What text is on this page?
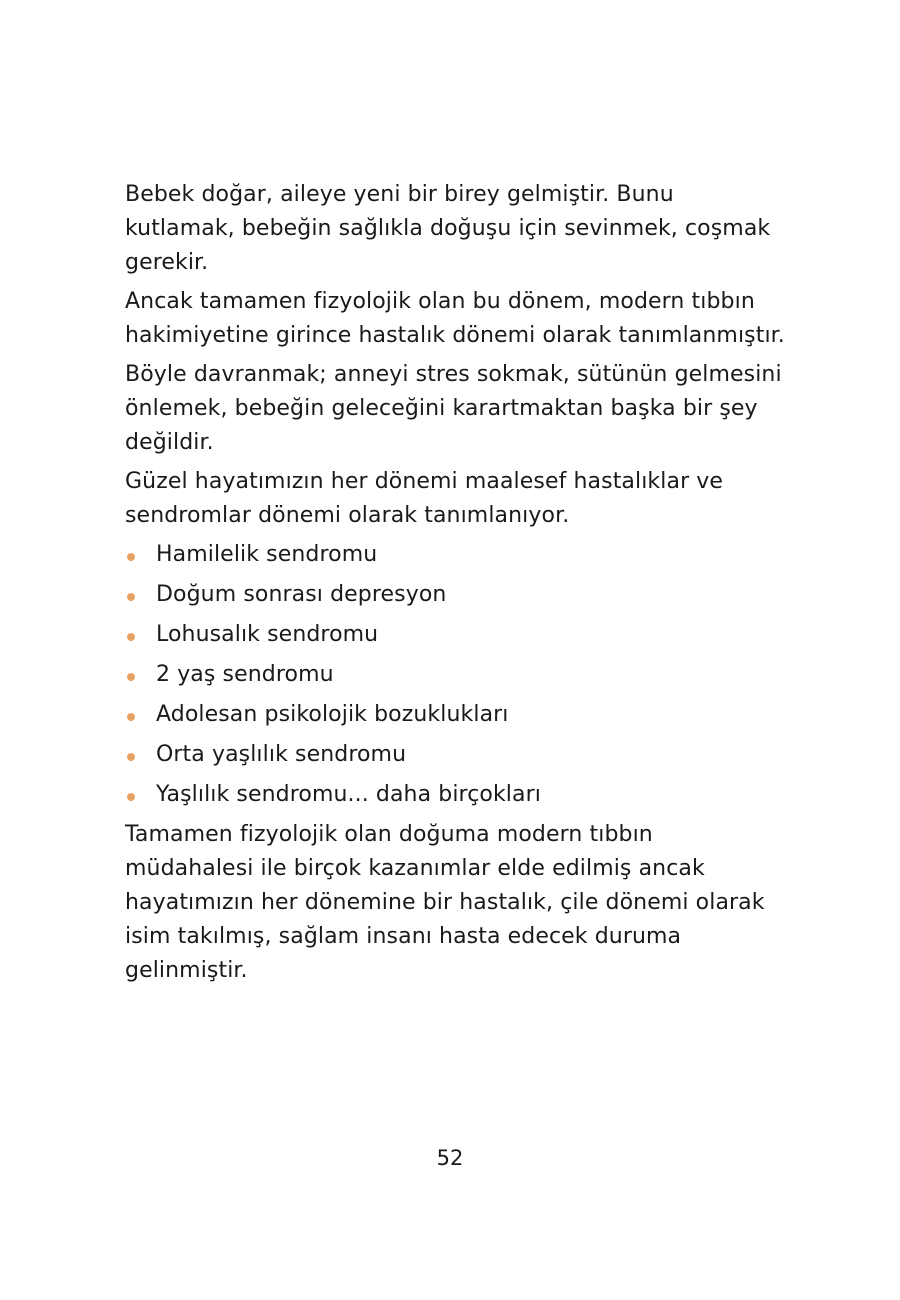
Bebek doğar, aileye yeni bir birey gelmiştir. Bunu kutlamak, bebeğin sağlıkla doğuşu için sevinmek, coşmak gerekir.

Ancak tamamen fizyolojik olan bu dönem, modern tıbbın hakimiyetine girince hastalık dönemi olarak tanımlanmıştır.

Böyle davranmak; anneyi stres sokmak, sütünün gelmesini önlemek, bebeğin geleceğini karartmaktan başka bir şey değildir.

Güzel hayatımızın her dönemi maalesef hastalıklar ve sendromlar dönemi olarak tanımlanıyor.

Hamilelik sendromu
Doğum sonrası depresyon
Lohusalık sendromu
2 yaş sendromu
Adolesan psikolojik bozuklukları
Orta yaşlılık sendromu
Yaşlılık sendromu... daha birçokları

Tamamen fizyolojik olan doğuma modern tıbbın müdahalesi ile birçok kazanımlar elde edilmiş ancak hayatımızın her dönemine bir hastalık, çile dönemi olarak isim takılmış, sağlam insanı hasta edecek duruma gelinmiştir.

52
